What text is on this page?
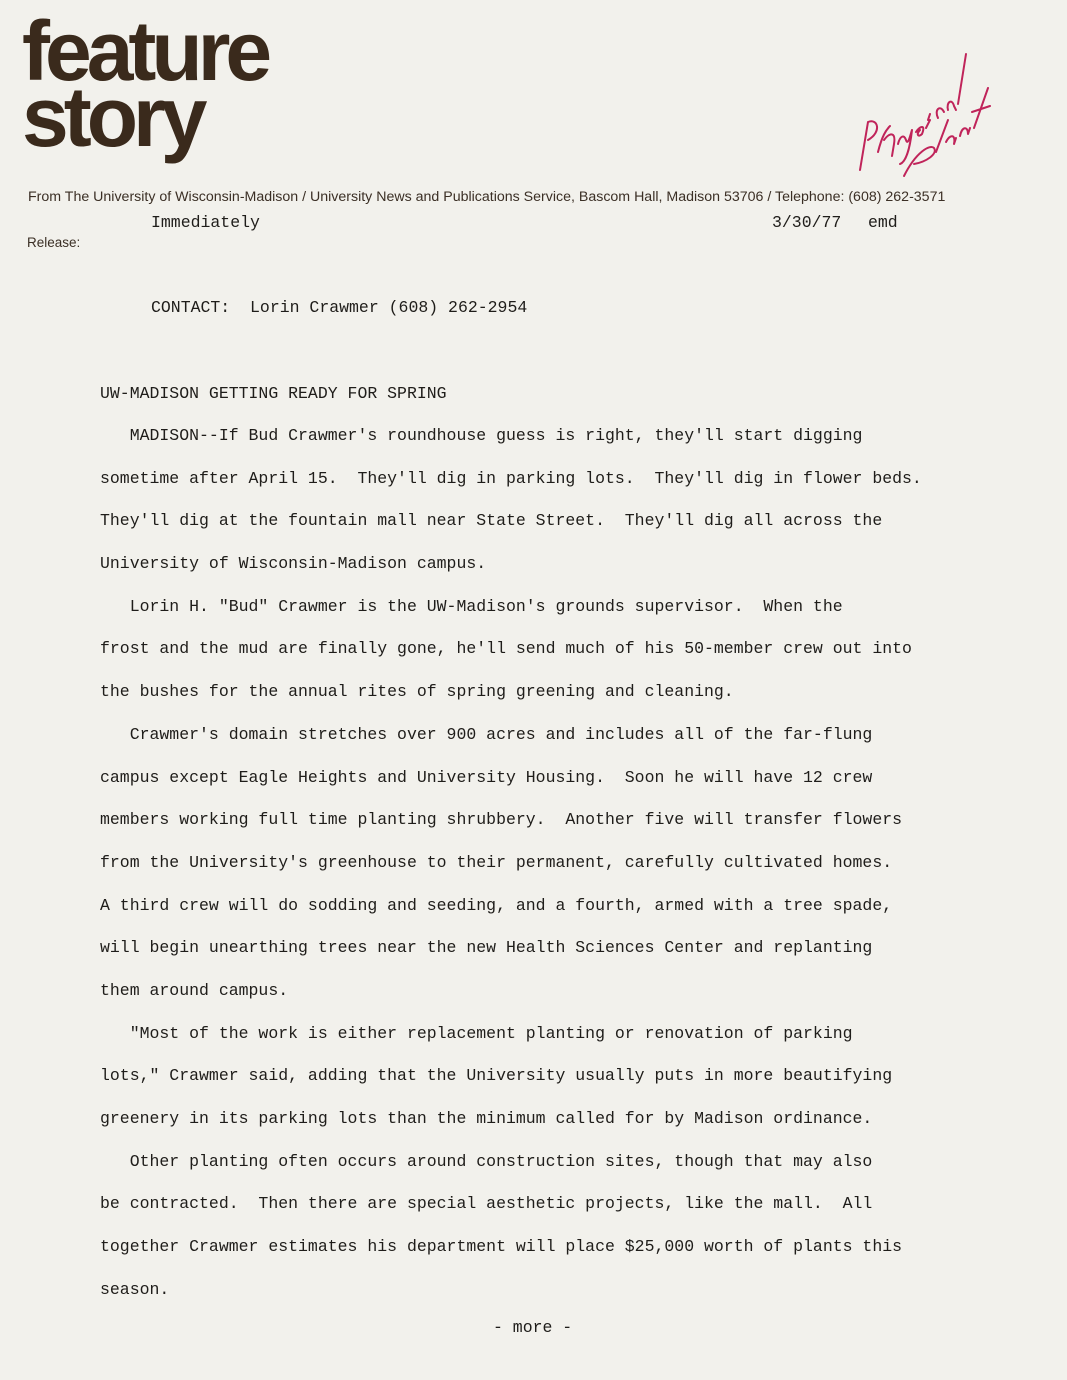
feature
story
From The University of Wisconsin-Madison / University News and Publications Service, Bascom Hall, Madison 53706 / Telephone: (608) 262-3571
Release:
Immediately	3/30/77 emd
CONTACT:  Lorin Crawmer (608) 262-2954
UW-MADISON GETTING READY FOR SPRING
MADISON--If Bud Crawmer's roundhouse guess is right, they'll start digging
sometime after April 15.  They'll dig in parking lots.  They'll dig in flower beds.
They'll dig at the fountain mall near State Street.  They'll dig all across the
University of Wisconsin-Madison campus.
Lorin H. "Bud" Crawmer is the UW-Madison's grounds supervisor.  When the
frost and the mud are finally gone, he'll send much of his 50-member crew out into
the bushes for the annual rites of spring greening and cleaning.
Crawmer's domain stretches over 900 acres and includes all of the far-flung
campus except Eagle Heights and University Housing.  Soon he will have 12 crew
members working full time planting shrubbery.  Another five will transfer flowers
from the University's greenhouse to their permanent, carefully cultivated homes.
A third crew will do sodding and seeding, and a fourth, armed with a tree spade,
will begin unearthing trees near the new Health Sciences Center and replanting
them around campus.
"Most of the work is either replacement planting or renovation of parking
lots," Crawmer said, adding that the University usually puts in more beautifying
greenery in its parking lots than the minimum called for by Madison ordinance.
Other planting often occurs around construction sites, though that may also
be contracted.  Then there are special aesthetic projects, like the mall.  All
together Crawmer estimates his department will place $25,000 worth of plants this
season.
- more -
